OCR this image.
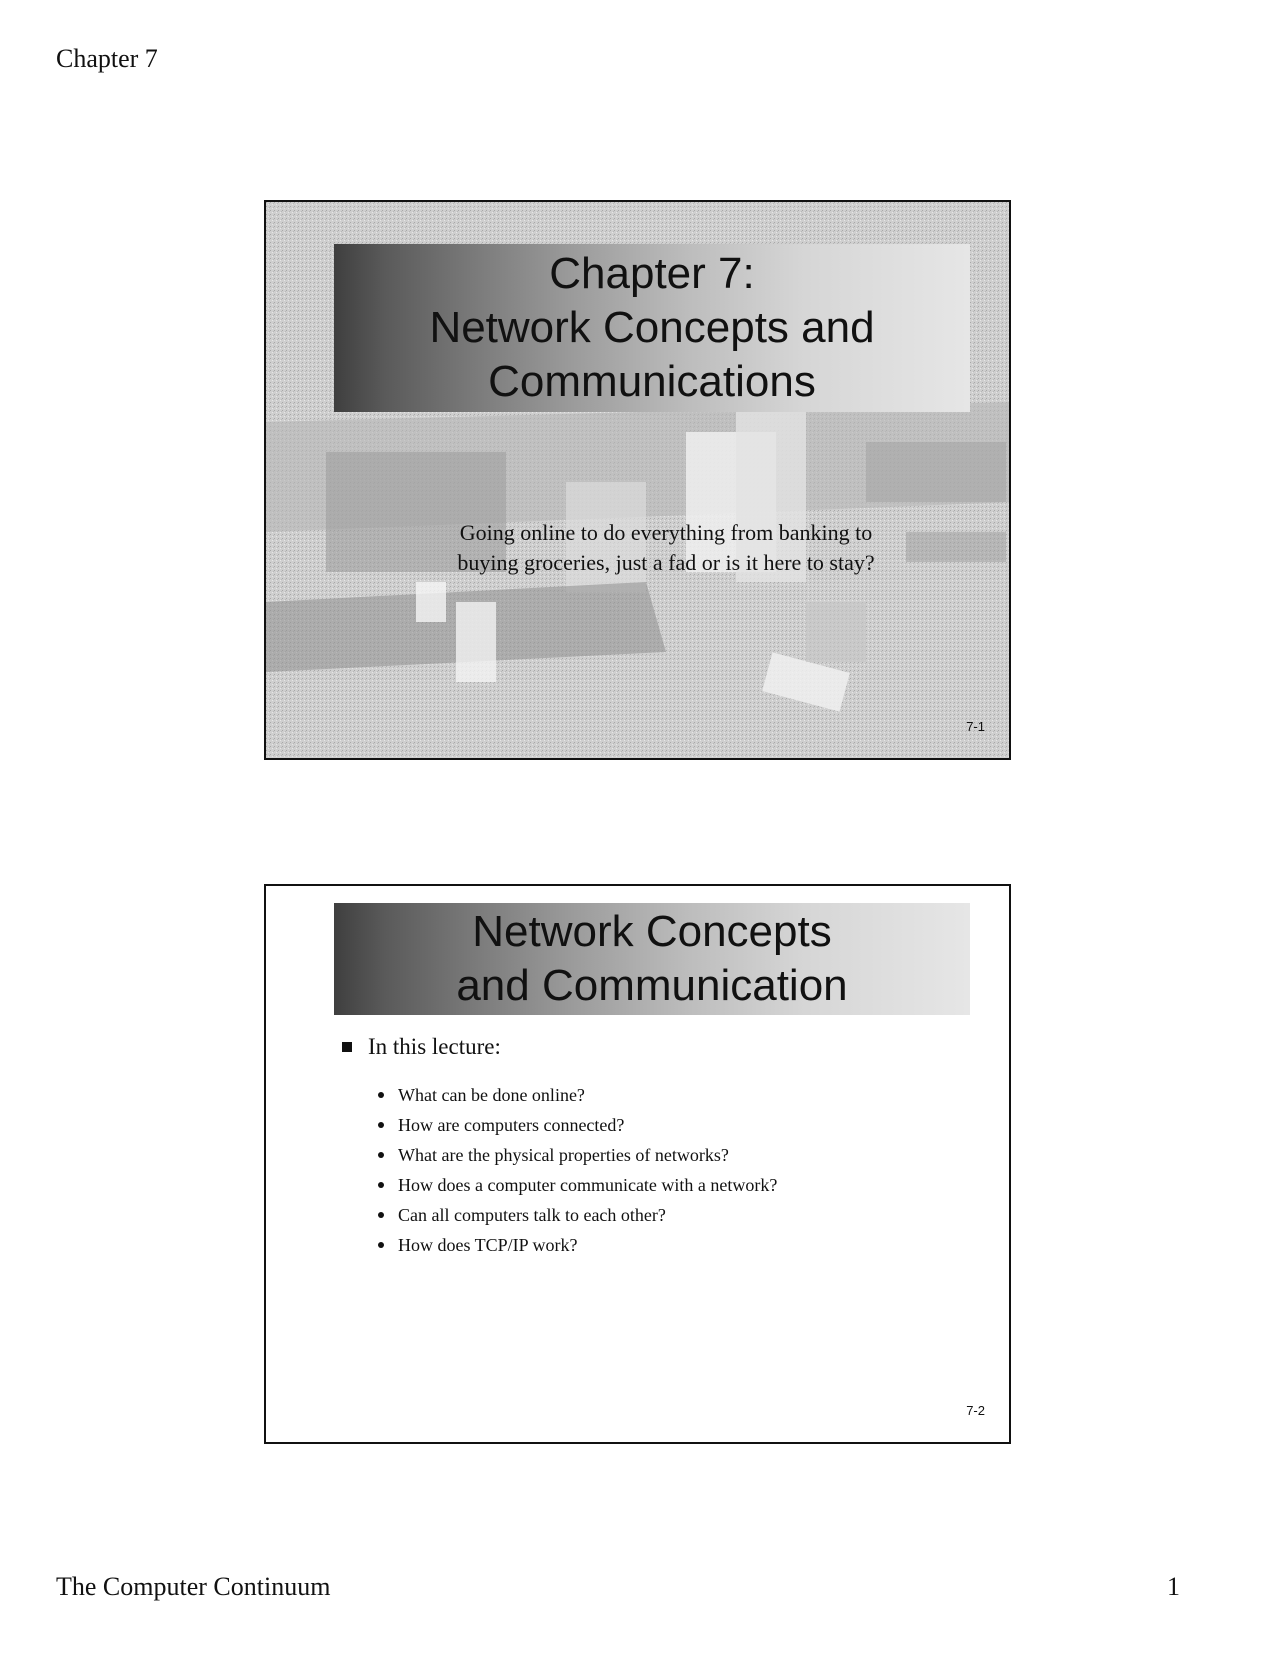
Chapter 7
Chapter 7:
Network Concepts and
Communications
Going online to do everything from banking to
buying groceries, just a fad or is it here to stay?
7-1
Network Concepts
and Communication
In this lecture:
What can be done online?
How are computers connected?
What are the physical properties of networks?
How does a computer communicate with a network?
Can all computers talk to each other?
How does TCP/IP work?
7-2
The Computer Continuum	1
